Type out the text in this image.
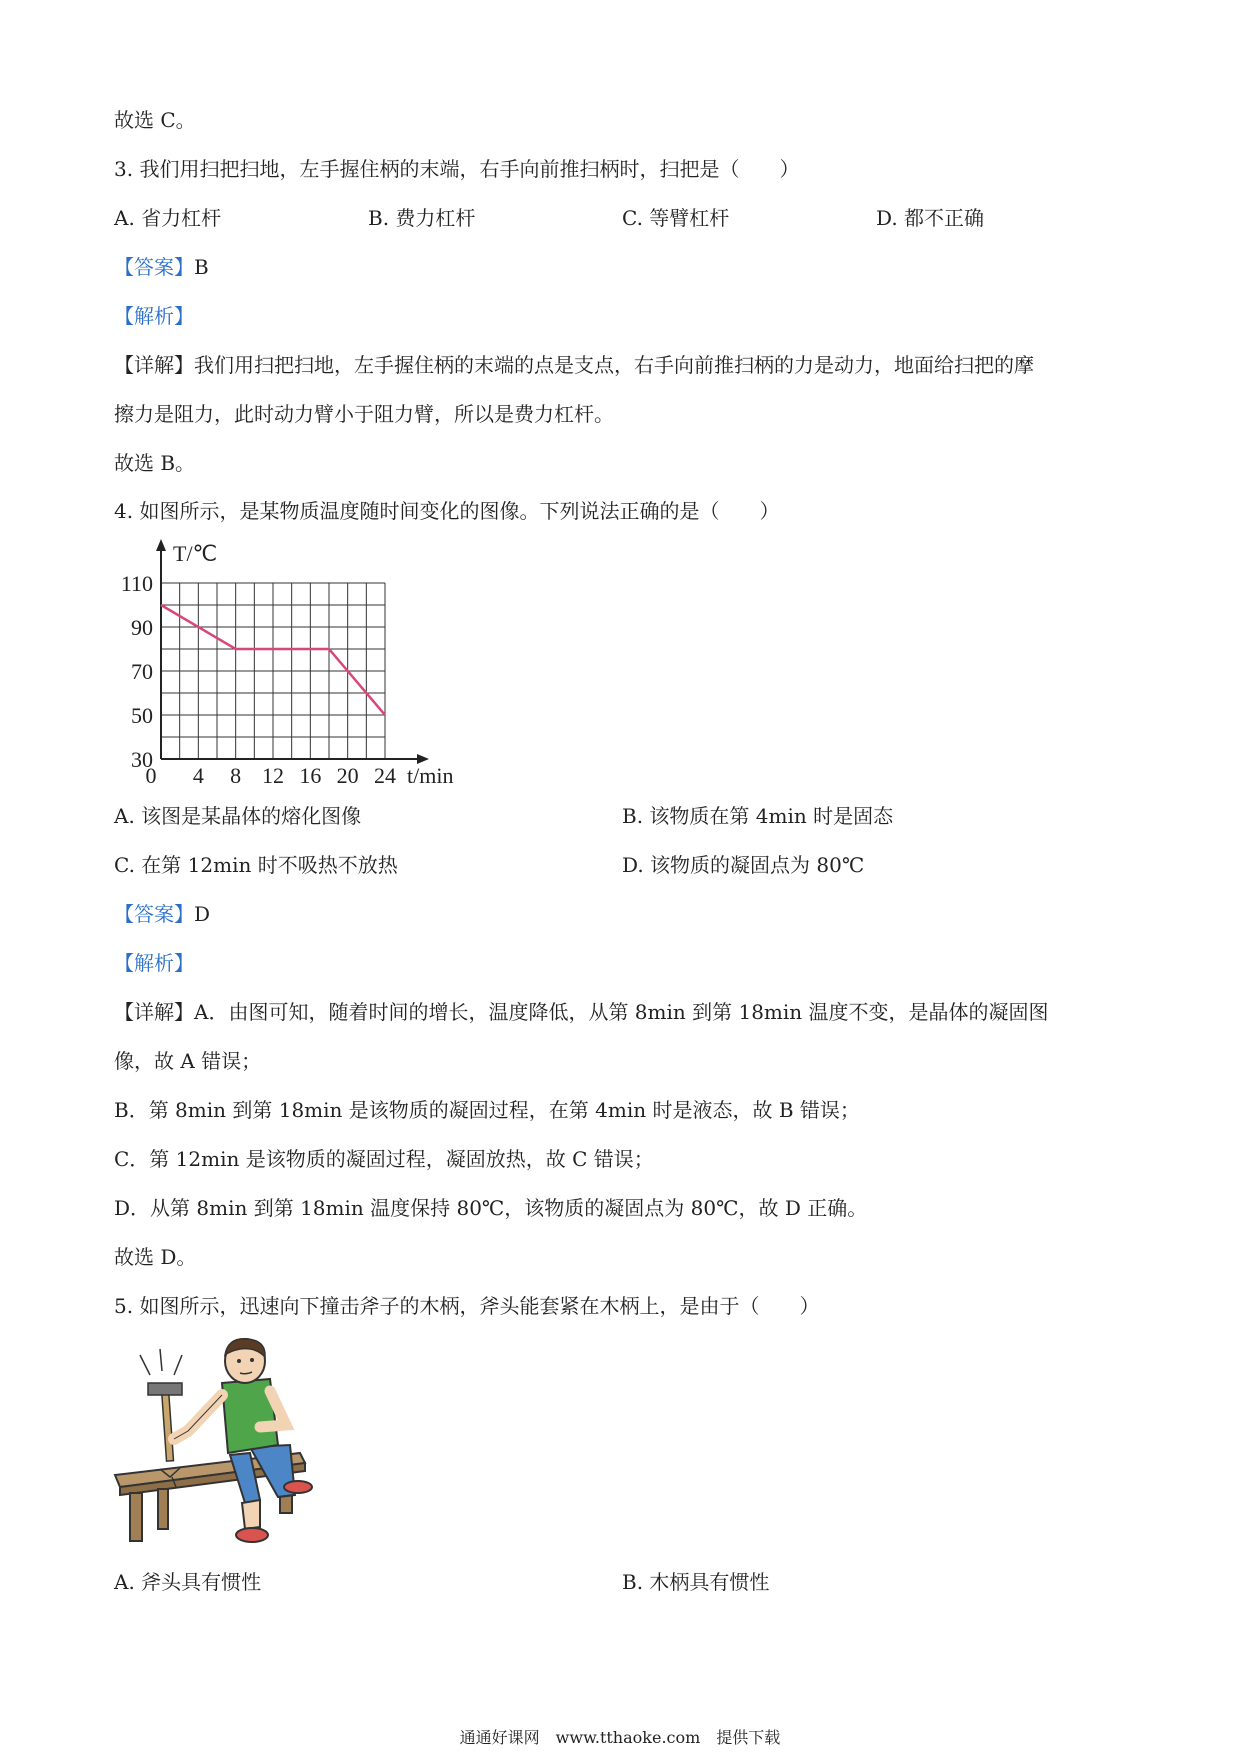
故选 C。
3. 我们用扫把扫地，左手握住柄的末端，右手向前推扫柄时，扫把是（　　）
A. 省力杠杆	B. 费力杠杆	C. 等臂杠杆	D. 都不正确
【答案】B
【解析】
【详解】我们用扫把扫地，左手握住柄的末端的点是支点，右手向前推扫柄的力是动力，地面给扫把的摩
擦力是阻力，此时动力臂小于阻力臂，所以是费力杠杆。
故选 B。
4. 如图所示，是某物质温度随时间变化的图像。下列说法正确的是（　　）
0 4 8 12 16 20 24
30
50
70
90
110
T/℃
t/min
A. 该图是某晶体的熔化图像	B. 该物质在第 4min 时是固态
C. 在第 12min 时不吸热不放热	D. 该物质的凝固点为 80℃
【答案】D
【解析】
【详解】A．由图可知，随着时间的增长，温度降低，从第 8min 到第 18min 温度不变，是晶体的凝固图
像，故 A 错误；
B．第 8min 到第 18min 是该物质的凝固过程，在第 4min 时是液态，故 B 错误；
C．第 12min 是该物质的凝固过程，凝固放热，故 C 错误；
D．从第 8min 到第 18min 温度保持 80℃，该物质的凝固点为 80℃，故 D 正确。
故选 D。
5. 如图所示，迅速向下撞击斧子的木柄，斧头能套紧在木柄上，是由于（　　）
A. 斧头具有惯性	B. 木柄具有惯性
通通好课网　www.tthaoke.com　提供下载
